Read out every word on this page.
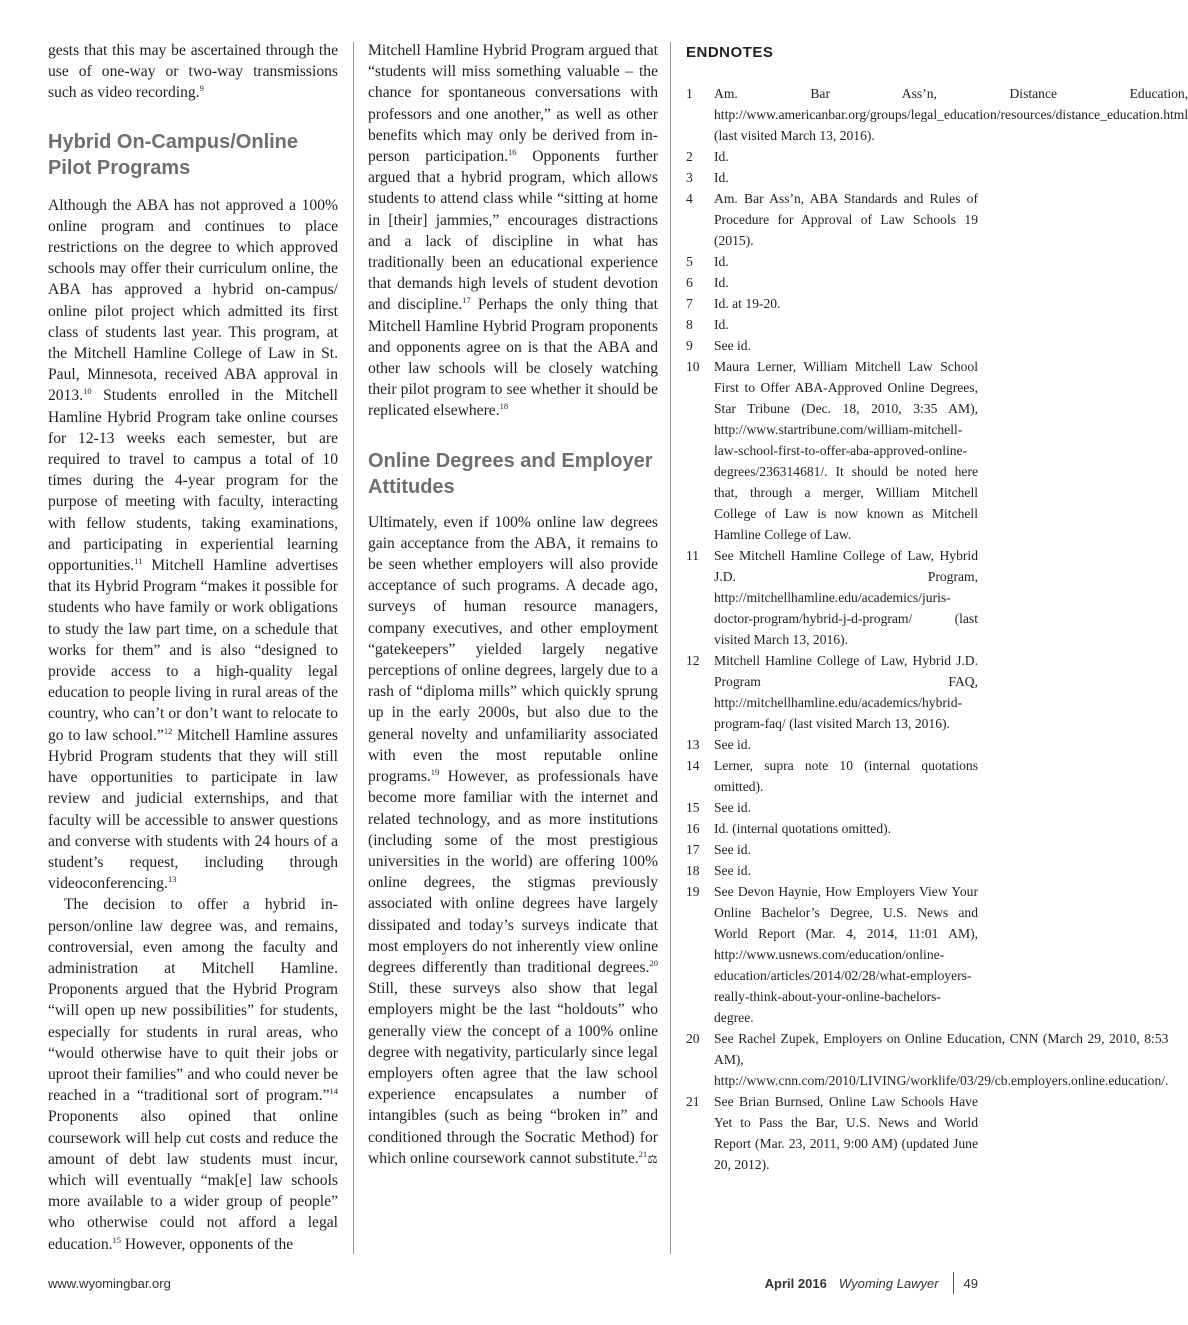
gests that this may be ascertained through the use of one-way or two-way transmissions such as video recording.$^9$

Hybrid On-Campus/Online Pilot Programs

Although the ABA has not approved a 100% online program and continues to place restrictions on the degree to which approved schools may offer their curriculum online, the ABA has approved a hybrid on-campus/ online pilot project which admitted its first class of students last year. This program, at the Mitchell Hamline College of Law in St. Paul, Minnesota, received ABA approval in 2013.10 Students enrolled in the Mitchell Hamline Hybrid Program take online courses for 12-13 weeks each semester, but are required to travel to campus a total of 10 times during the 4-year program for the purpose of meeting with faculty, interacting with fellow students, taking examinations, and participating in experiential learning opportunities.$^{11}$ Mitchell Hamline advertises that its Hybrid Program “makes it possible for students who have family or work obligations to study the law part time, on a schedule that works for them” and is also “designed to provide access to a high-quality legal education to people living in rural areas of the country, who can’t or don’t want to relocate to go to law school.”$^{12}$ Mitchell Hamline assures Hybrid Program students that they will still have opportunities to participate in law review and judicial externships, and that faculty will be accessible to answer questions and converse with students with 24 hours of a student’s request, including through videoconferencing.$^{13}$

The decision to offer a hybrid in-person/online law degree was, and remains, controversial, even among the faculty and administration at Mitchell Hamline. Proponents argued that the Hybrid Program “will open up new possibilities” for students, especially for students in rural areas, who “would otherwise have to quit their jobs or uproot their families” and who could never be reached in a “traditional sort of program.”$^{14}$ Proponents also opined that online coursework will help cut costs and reduce the amount of debt law students must incur, which will eventually “mak[e] law schools more available to a wider group of people” who otherwise could not afford a legal education.$^{15}$ However, opponents of the

Mitchell Hamline Hybrid Program argued that “students will miss something valuable – the chance for spontaneous conversations with professors and one another,” as well as other benefits which may only be derived from in-person participation.$^{16}$ Opponents further argued that a hybrid program, which allows students to attend class while “sitting at home in [their] jammies,” encourages distractions and a lack of discipline in what has traditionally been an educational experience that demands high levels of student devotion and discipline.$^{17}$ Perhaps the only thing that Mitchell Hamline Hybrid Program proponents and opponents agree on is that the ABA and other law schools will be closely watching their pilot program to see whether it should be replicated elsewhere.$^{18}$

Online Degrees and Employer Attitudes

Ultimately, even if 100% online law degrees gain acceptance from the ABA, it remains to be seen whether employers will also provide acceptance of such programs. A decade ago, surveys of human resource managers, company executives, and other employment “gatekeepers” yielded largely negative perceptions of online degrees, largely due to a rash of “diploma mills” which quickly sprung up in the early 2000s, but also due to the general novelty and unfamiliarity associated with even the most reputable online programs.$^{19}$ However, as professionals have become more familiar with the internet and related technology, and as more institutions (including some of the most prestigious universities in the world) are offering 100% online degrees, the stigmas previously associated with online degrees have largely dissipated and today’s surveys indicate that most employers do not inherently view online degrees differently than traditional degrees.$^{20}$ Still, these surveys also show that legal employers might be the last “holdouts” who generally view the concept of a 100% online degree with negativity, particularly since legal employers often agree that the law school experience encapsulates a number of intangibles (such as being “broken in” and conditioned through the Socratic Method) for which online coursework cannot substitute.$^{21}$⚖

ENDNOTES
1	Am. Bar Ass’n, Distance Education, http://www.americanbar.org/groups/legal_education/resources/distance_education.html (last visited March 13, 2016).
2	Id.
3	Id.
4	Am. Bar Ass’n, ABA Standards and Rules of Procedure for Approval of Law Schools 19 (2015).
5	Id.
6	Id.
7	Id. at 19-20.
8	Id.
9	See id.
10	Maura Lerner, William Mitchell Law School First to Offer ABA-Approved Online Degrees, Star Tribune (Dec. 18, 2010, 3:35 AM), http://www.startribune.com/william-mitchell-law-school-first-to-offer-aba-approved-online-degrees/236314681/. It should be noted here that, through a merger, William Mitchell College of Law is now known as Mitchell Hamline College of Law.
11	See Mitchell Hamline College of Law, Hybrid J.D. Program, http://mitchellhamline.edu/academics/juris-doctor-program/hybrid-j-d-program/ (last visited March 13, 2016).
12	Mitchell Hamline College of Law, Hybrid J.D. Program FAQ, http://mitchellhamline.edu/academics/hybrid-program-faq/ (last visited March 13, 2016).
13	See id.
14	Lerner, supra note 10 (internal quotations omitted).
15	See id.
16	Id. (internal quotations omitted).
17	See id.
18	See id.
19	See Devon Haynie, How Employers View Your Online Bachelor’s Degree, U.S. News and World Report (Mar. 4, 2014, 11:01 AM), http://www.usnews.com/education/online-education/articles/2014/02/28/what-employers-really-think-about-your-online-bachelors-degree.
20	See Rachel Zupek, Employers on Online Education, CNN (March 29, 2010, 8:53 AM), http://www.cnn.com/2010/LIVING/worklife/03/29/cb.employers.online.education/.
21	See Brian Burnsed, Online Law Schools Have Yet to Pass the Bar, U.S. News and World Report (Mar. 23, 2011, 9:00 AM) (updated June 20, 2012).
www.wyomingbar.org	April 2016 Wyoming Lawyer 49
